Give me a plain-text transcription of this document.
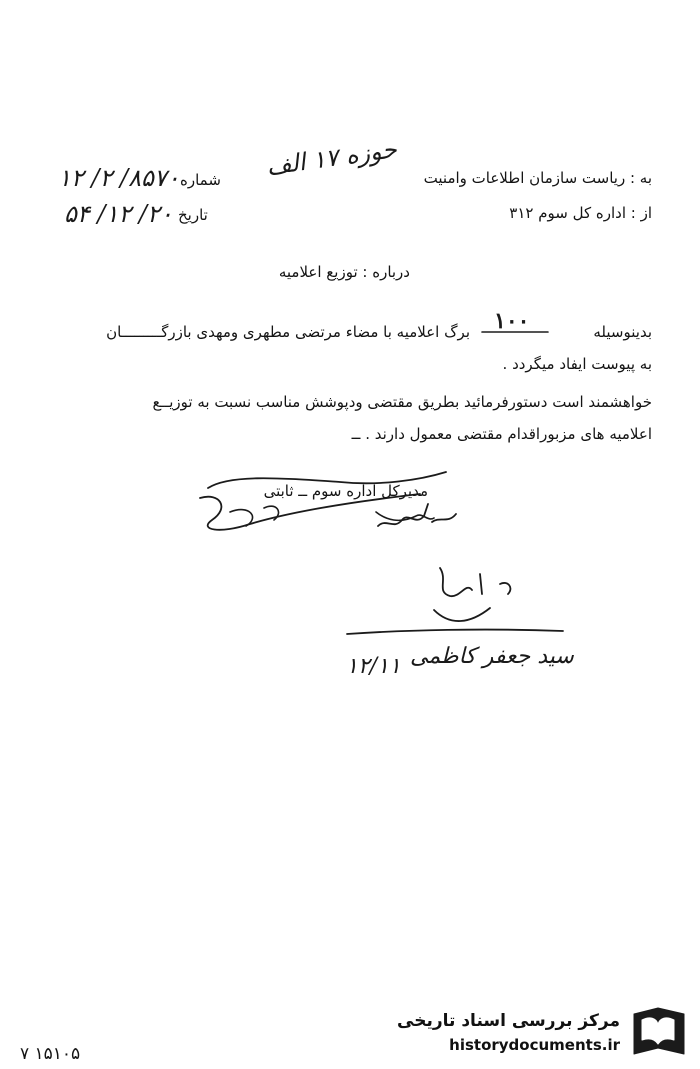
۸۵۷۰/ ۲/ ۱۲ شماره
۲۰/ ۱۲/ ۵۴ تاریخ
به : ریاست سازمان اطلاعات وامنیت
حوزه ۱۷ الف
از : اداره کل سوم ۳۱۲
درباره : توزیع اعلامیه
بدینوسیله
۱۰۰
برگ اعلامیه با مضاء مرتضی مطهری ومهدی بازرگـــــــــان
به پیوست ایفاد میگردد .
خواهشمند است دستورفرمائید بطریق مقتضی ودپوشش مناسب نسبت به توزیــع
اعلامیه های مزبوراقدام مقتضی معمول دارند . ــ
مدیرکل اداره سوم ــ ثابتی
سید جعفر کاظمی
۱۲/۱۱
۷ ۱۵۱۰۵
مرکز بررسی اسناد تاریخی
historydocuments.ir
